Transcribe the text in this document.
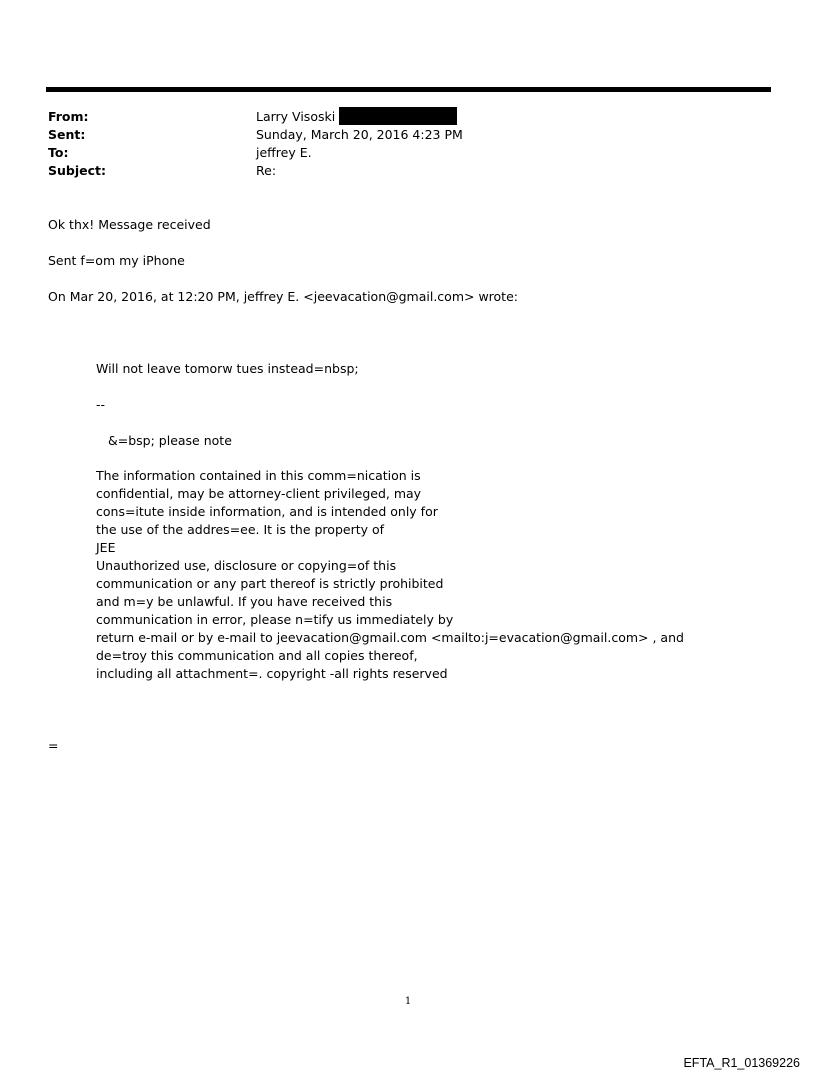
From:	Larry Visoski
Sent:	Sunday, March 20, 2016 4:23 PM
To:	jeffrey E.
Subject:	Re:
Ok thx! Message received
Sent f=om my iPhone
On Mar 20, 2016, at 12:20 PM, jeffrey E. <jeevacation@gmail.com> wrote:
Will not leave tomorw tues instead=nbsp;
--
&=bsp; please note
The information contained in this comm=nication is
confidential, may be attorney-client privileged, may
cons=itute inside information, and is intended only for
the use of the addres=ee. It is the property of
JEE
Unauthorized use, disclosure or copying=of this
communication or any part thereof is strictly prohibited
and m=y be unlawful. If you have received this
communication in error, please n=tify us immediately by
return e-mail or by e-mail to jeevacation@gmail.com <mailto:j=evacation@gmail.com> , and
de=troy this communication and all copies thereof,
including all attachment=. copyright -all rights reserved
=
1
EFTA_R1_01369226
